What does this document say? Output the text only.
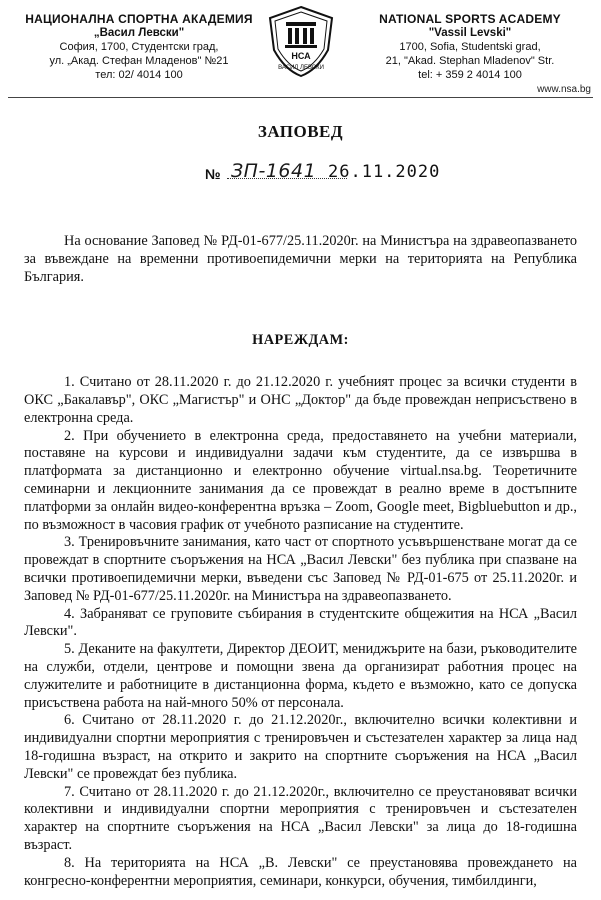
НАЦИОНАЛНА СПОРТНА АКАДЕМИЯ
„Васил Левски"
София, 1700, Студентски град,
ул. „Акад. Стефан Младенов" №21
тел: 02/ 4014 100
НСА
ВАСИЛ ЛЕВСКИ
NATIONAL SPORTS ACADEMY
"Vassil Levski"
1700, Sofia, Studentski grad,
21, "Akad. Stephan Mladenov" Str.
tel: + 359 2 4014 100
www.nsa.bg
ЗАПОВЕД
№ ЗП-1641 26.11.2020

На основание Заповед № РД-01-677/25.11.2020г. на Министъра на здравеопазването за въвеждане на временни противоепидемични мерки на територията на Република България.

НАРЕЖДАМ:

1. Считано от 28.11.2020 г. до 21.12.2020 г. учебният процес за всички студенти в ОКС „Бакалавър", ОКС „Магистър" и ОНС „Доктор" да бъде провеждан неприсъствено в електронна среда.

2. При обучението в електронна среда, предоставянето на учебни материали, поставяне на курсови и индивидуални задачи към студентите, да се извършва в платформата за дистанционно и електронно обучение virtual.nsa.bg. Теоретичните семинарни и лекционните занимания да се провеждат в реално време в достъпните платформи за онлайн видео-конферентна връзка – Zoom, Google meet, Bigbluebutton и др., по възможност в часовия график от учебното разписание на студентите.

3. Тренировъчните занимания, като част от спортното усъвършенстване могат да се провеждат в спортните съоръжения на НСА „Васил Левски" без публика при спазване на всички противоепидемични мерки, въведени със Заповед № РД-01-675 от 25.11.2020г. и Заповед № РД-01-677/25.11.2020г. на Министъра на здравеопазването.

4. Забраняват се груповите събирания в студентските общежития на НСА „Васил Левски".

5. Деканите на факултети, Директор ДЕОИТ, мениджърите на бази, ръководителите на служби, отдели, центрове и помощни звена да организират работния процес на служителите и работниците в дистанционна форма, където е възможно, като се допуска присъствена работа на най-много 50% от персонала.

6. Считано от 28.11.2020 г. до 21.12.2020г., включително всички колективни и индивидуални спортни мероприятия с тренировъчен и състезателен характер за лица над 18-годишна възраст, на открито и закрито на спортните съоръжения на НСА „Васил Левски" се провеждат без публика.

7. Считано от 28.11.2020 г. до 21.12.2020г., включително се преустановяват всички колективни и индивидуални спортни мероприятия с тренировъчен и състезателен характер на спортните съоръжения на НСА „Васил Левски" за лица до 18-годишна възраст.

8. На територията на НСА „В. Левски" се преустановява провеждането на конгресно-конферентни мероприятия, семинари, конкурси, обучения, тимбилдинги,
